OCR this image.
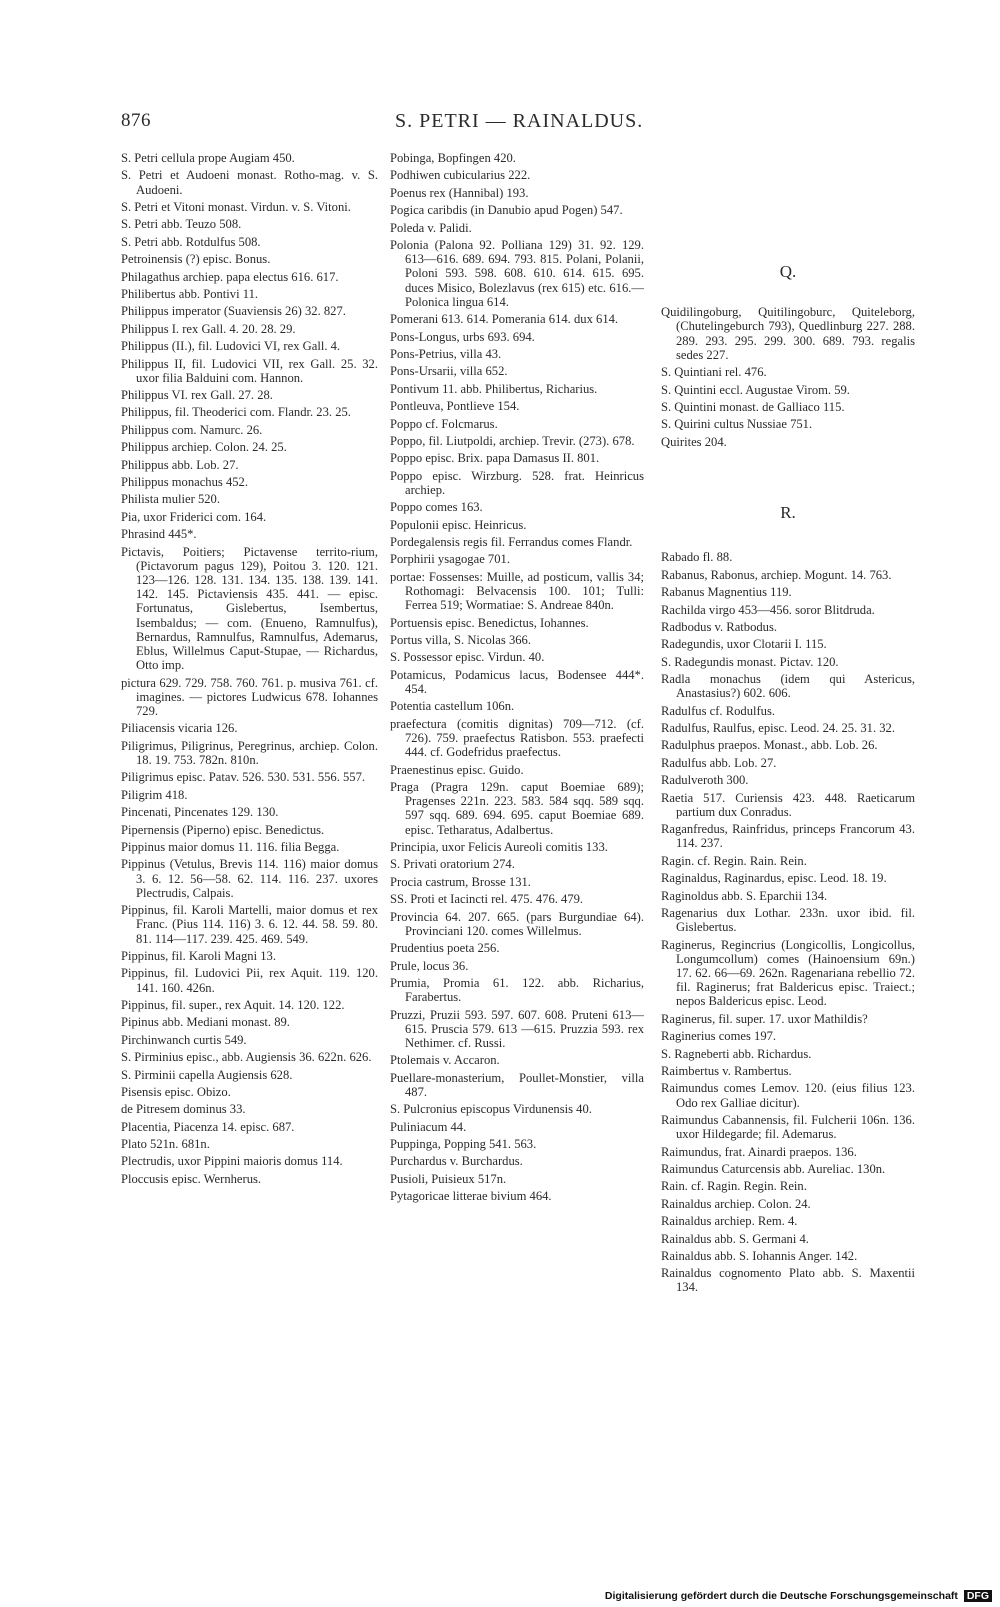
876	S. PETRI — RAINALDUS.
S. Petri cellula prope Augiam 450.
S. Petri et Audoeni monast. Rotho-mag. v. S. Audoeni.
S. Petri et Vitoni monast. Virdun. v. S. Vitoni.
S. Petri abb. Teuzo 508.
S. Petri abb. Rotdulfus 508.
Petroinensis (?) episc. Bonus.
Philagathus archiep. papa electus 616. 617.
Philibertus abb. Pontivi 11.
Philippus imperator (Suaviensis 26) 32. 827.
Philippus I. rex Gall. 4. 20. 28. 29.
Philippus (II.), fil. Ludovici VI, rex Gall. 4.
Philippus II, fil. Ludovici VII, rex Gall. 25. 32. uxor filia Balduini com. Hannon.
Philippus VI. rex Gall. 27. 28.
Philippus, fil. Theoderici com. Flandr. 23. 25.
Philippus com. Namurc. 26.
Philippus archiep. Colon. 24. 25.
Philippus abb. Lob. 27.
Philippus monachus 452.
Philista mulier 520.
Pia, uxor Friderici com. 164.
Phrasind 445*.
Pictavis, Poitiers; Pictavense territo-rium, (Pictavorum pagus 129), Poitou 3. 120. 121. 123—126. 128. 131. 134. 135. 138. 139. 141. 142. 145. Pictaviensis 435. 441. — episc. Fortunatus, Gislebertus, Isembertus, Isembaldus; — com. (Enueno, Ramnulfus), Bernardus, Ramnulfus, Ramnulfus, Ademarus, Eblus, Willelmus Caput-Stupae, — Richardus, Otto imp.
pictura 629. 729. 758. 760. 761. p. musiva 761. cf. imagines. — pictores Ludwicus 678. Iohannes 729.
Piliacensis vicaria 126.
Piligrimus, Piligrinus, Peregrinus, archiep. Colon. 18. 19. 753. 782n. 810n.
Piligrimus episc. Patav. 526. 530. 531. 556. 557.
Piligrim 418.
Pincenati, Pincenates 129. 130.
Pipernensis (Piperno) episc. Benedictus.
Pippinus maior domus 11. 116. filia Begga.
Pippinus (Vetulus, Brevis 114. 116) maior domus 3. 6. 12. 56—58. 62. 114. 116. 237. uxores Plectrudis, Calpais.
Pippinus, fil. Karoli Martelli, maior domus et rex Franc. (Pius 114. 116) 3. 6. 12. 44. 58. 59. 80. 81. 114—117. 239. 425. 469. 549.
Pippinus, fil. Karoli Magni 13.
Pippinus, fil. Ludovici Pii, rex Aquit. 119. 120. 141. 160. 426n.
Pippinus, fil. super., rex Aquit. 14. 120. 122.
Pipinus abb. Mediani monast. 89.
Pirchinwanch curtis 549.
S. Pirminius episc., abb. Augiensis 36. 622n. 626.
S. Pirminii capella Augiensis 628.
Pisensis episc. Obizo.
de Pitresem dominus 33.
Placentia, Piacenza 14. episc. 687.
Plato 521n. 681n.
Plectrudis, uxor Pippini maioris domus 114.
Ploccusis episc. Wernherus.
Pobinga, Bopfingen 420.
Podhiwen cubicularius 222.
Poenus rex (Hannibal) 193.
Pogica caribdis (in Danubio apud Pogen) 547.
Poleda v. Palidi.
Polonia (Palona 92. Polliana 129) 31. 92. 129. 613—616. 689. 694. 793. 815. Polani, Polanii, Poloni 593. 598. 608. 610. 614. 615. 695. duces Misico, Bolezlavus (rex 615) etc. 616.— Polonica lingua 614.
Pomerani 613. 614. Pomerania 614. dux 614.
Pons-Longus, urbs 693. 694.
Pons-Petrius, villa 43.
Pons-Ursarii, villa 652.
Pontivum 11. abb. Philibertus, Richarius.
Pontleuva, Pontlieve 154.
Poppo cf. Folcmarus.
Poppo, fil. Liutpoldi, archiep. Trevir. (273). 678.
Poppo episc. Brix. papa Damasus II. 801.
Poppo episc. Wirzburg. 528. frat. Heinricus archiep.
Poppo comes 163.
Populonii episc. Heinricus.
Pordegalensis regis fil. Ferrandus comes Flandr.
Porphirii ysagogae 701.
portae: Fossenses: Muille, ad posticum, vallis 34; Rothomagi: Belvacensis 100. 101; Tulli: Ferrea 519; Wormatiae: S. Andreae 840n.
Portuensis episc. Benedictus, Iohannes.
Portus villa, S. Nicolas 366.
S. Possessor episc. Virdun. 40.
Potamicus, Podamicus lacus, Bodensee 444*. 454.
Potentia castellum 106n.
praefectura (comitis dignitas) 709—712. (cf. 726). 759. praefectus Ratisbon. 553. praefecti 444. cf. Godefridus praefectus.
Praenestinus episc. Guido.
Praga (Pragra 129n. caput Boemiae 689); Pragenses 221n. 223. 583. 584 sqq. 589 sqq. 597 sqq. 689. 694. 695. caput Boemiae 689. episc. Tetharatus, Adalbertus.
Principia, uxor Felicis Aureoli comitis 133.
S. Privati oratorium 274.
Procia castrum, Brosse 131.
SS. Proti et Iacincti rel. 475. 476. 479.
Provincia 64. 207. 665. (pars Burgundiae 64). Provinciani 120. comes Willelmus.
Prudentius poeta 256.
Prule, locus 36.
Prumia, Promia 61. 122. abb. Richarius, Farabertus.
Pruzzi, Pruzii 593. 597. 607. 608. Pruteni 613—615. Pruscia 579. 613 —615. Pruzzia 593. rex Nethimer. cf. Russi.
Ptolemais v. Accaron.
Puellare-monasterium, Poullet-Monstier, villa 487.
S. Pulcronius episcopus Virdunensis 40.
Puliniacum 44.
Puppinga, Popping 541. 563.
Purchardus v. Burchardus.
Pusioli, Puisieux 517n.
Pytagoricae litterae bivium 464.
Q.
Quidilingoburg, Quitilingoburc, Quiteleborg, (Chutelingeburch 793), Quedlinburg 227. 288. 289. 293. 295. 299. 300. 689. 793. regalis sedes 227.
S. Quintiani rel. 476.
S. Quintini eccl. Augustae Virom. 59.
S. Quintini monast. de Galliaco 115.
S. Quirini cultus Nussiae 751.
Quirites 204.
R.
Rabado fl. 88.
Rabanus, Rabonus, archiep. Mogunt. 14. 763.
Rabanus Magnentius 119.
Rachilda virgo 453—456. soror Blitdruda.
Radbodus v. Ratbodus.
Radegundis, uxor Clotarii I. 115.
S. Radegundis monast. Pictav. 120.
Radla monachus (idem qui Astericus, Anastasius?) 602. 606.
Radulfus cf. Rodulfus.
Radulfus, Raulfus, episc. Leod. 24. 25. 31. 32.
Radulphus praepos. Monast., abb. Lob. 26.
Radulfus abb. Lob. 27.
Radulveroth 300.
Raetia 517. Curiensis 423. 448. Raeticarum partium dux Conradus.
Raganfredus, Rainfridus, princeps Francorum 43. 114. 237.
Ragin. cf. Regin. Rain. Rein.
Raginaldus, Raginardus, episc. Leod. 18. 19.
Raginoldus abb. S. Eparchii 134.
Ragenarius dux Lothar. 233n. uxor ibid. fil. Gislebertus.
Raginerus, Regincrius (Longicollis, Longicollus, Longumcollum) comes (Hainoensium 69n.) 17. 62. 66—69. 262n. Ragenariana rebellio 72. fil. Raginerus; frat Baldericus episc. Traiect.; nepos Baldericus episc. Leod.
Raginerus, fil. super. 17. uxor Mathildis?
Raginerius comes 197.
S. Ragneberti abb. Richardus.
Raimbertus v. Rambertus.
Raimundus comes Lemov. 120. (eius filius 123. Odo rex Galliae dicitur).
Raimundus Cabannensis, fil. Fulcherii 106n. 136. uxor Hildegarde; fil. Ademarus.
Raimundus, frat. Ainardi praepos. 136.
Raimundus Caturcensis abb. Aureliac. 130n.
Rain. cf. Ragin. Regin. Rein.
Rainaldus archiep. Colon. 24.
Rainaldus archiep. Rem. 4.
Rainaldus abb. S. Germani 4.
Rainaldus abb. S. Iohannis Anger. 142.
Rainaldus cognomento Plato abb. S. Maxentii 134.
Digitalisierung gefördert durch die Deutsche Forschungsgemeinschaft DFG
